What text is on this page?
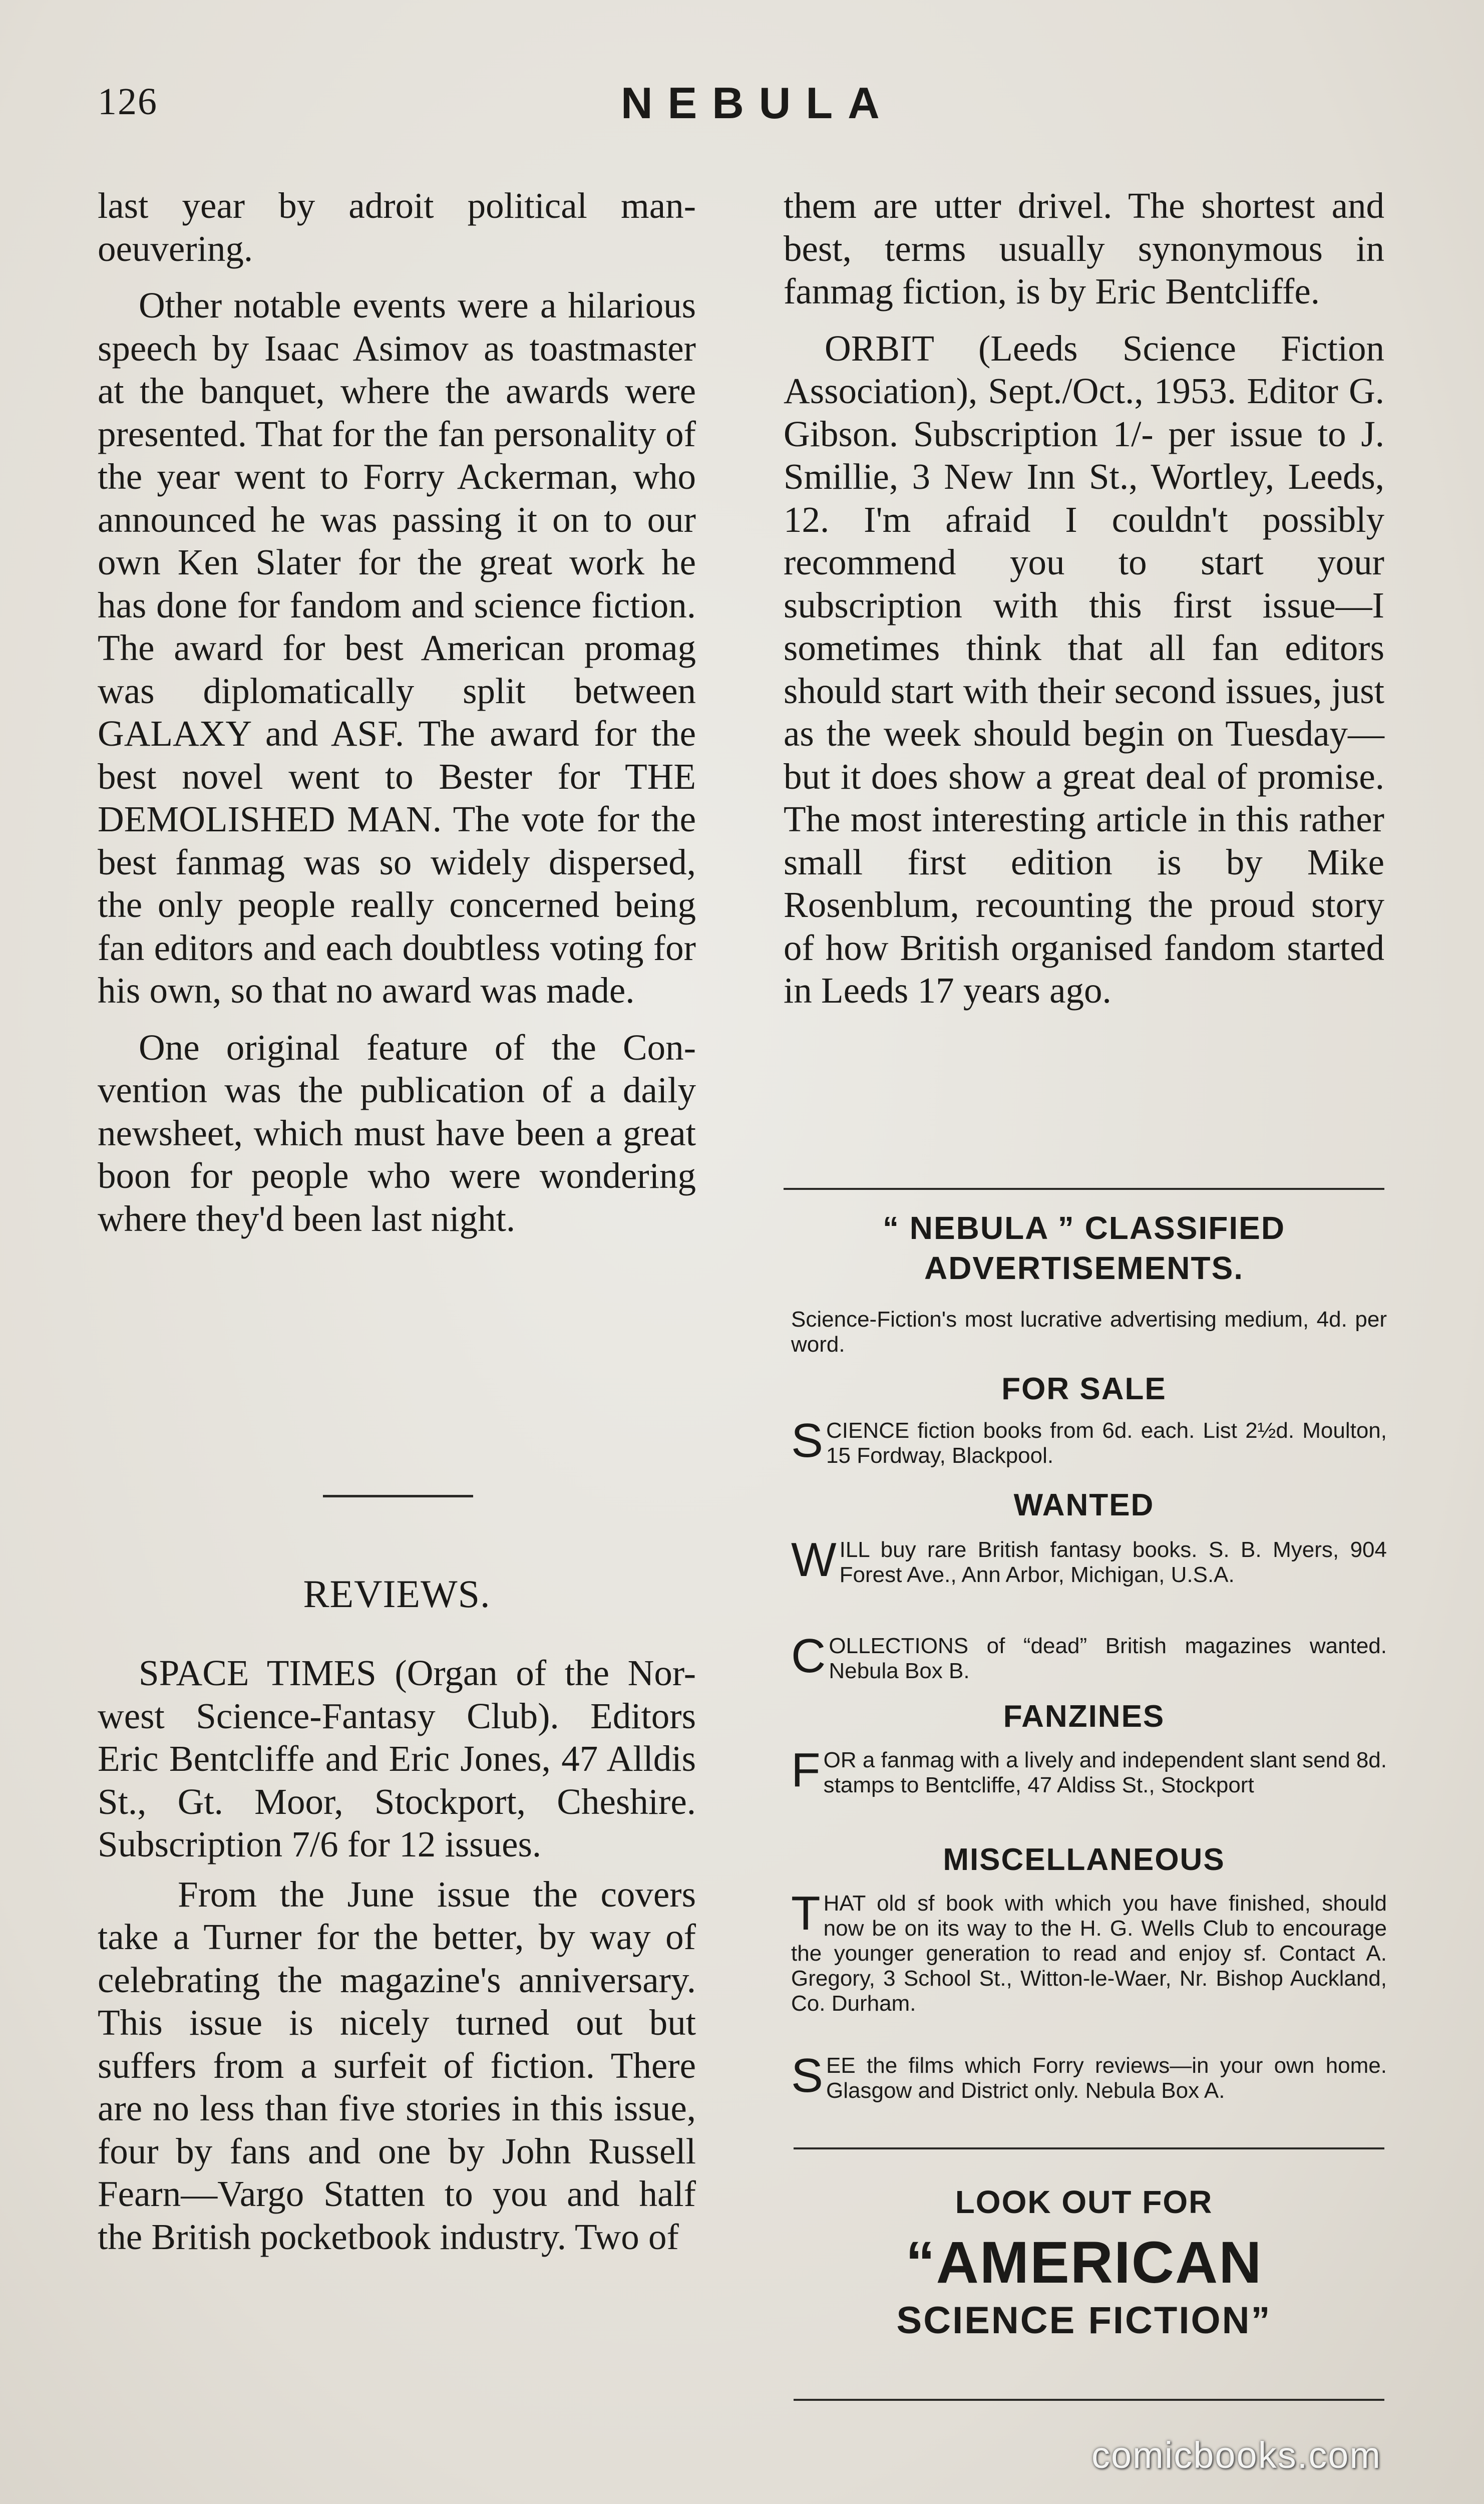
126	NEBULA

last year by adroit political manoeuvering.

Other notable events were a hilarious speech by Isaac Asimov as toastmaster at the banquet, where the awards were presented. That for the fan personality of the year went to Forry Ackerman, who announced he was passing it on to our own Ken Slater for the great work he has done for fandom and science fiction. The award for best American promag was diplomatically split between GALAXY and ASF. The award for the best novel went to Bester for THE DEMOLISHED MAN. The vote for the best fanmag was so widely dispersed, the only people really concerned being fan editors and each doubtless voting for his own, so that no award was made.

One original feature of the Convention was the publication of a daily newsheet, which must have been a great boon for people who were wondering where they'd been last night.

REVIEWS.

SPACE TIMES (Organ of the Nor-west Science-Fantasy Club). Editors Eric Bentcliffe and Eric Jones, 47 Alldis St., Gt. Moor, Stockport, Cheshire. Subscription 7/6 for 12 issues.

From the June issue the covers take a Turner for the better, by way of celebrating the magazine's anniversary. This issue is nicely turned out but suffers from a surfeit of fiction. There are no less than five stories in this issue, four by fans and one by John Russell Fearn—Vargo Statten to you and half the British pocketbook industry. Two of

them are utter drivel. The shortest and best, terms usually synonymous in fanmag fiction, is by Eric Bentcliffe.

ORBIT (Leeds Science Fiction Association), Sept./Oct., 1953. Editor G. Gibson. Subscription 1/- per issue to J. Smillie, 3 New Inn St., Wortley, Leeds, 12. I'm afraid I couldn't possibly recommend you to start your subscription with this first issue—I sometimes think that all fan editors should start with their second issues, just as the week should begin on Tuesday—but it does show a great deal of promise. The most interesting article in this rather small first edition is by Mike Rosenblum, recounting the proud story of how British organised fandom started in Leeds 17 years ago.

“ NEBULA ” CLASSIFIED
ADVERTISEMENTS.
Science-Fiction's most lucrative advertising medium, 4d. per word.
FOR SALE
SCIENCE fiction books from 6d. each. List 2½d. Moulton, 15 Fordway, Blackpool.
WANTED
WILL buy rare British fantasy books. S. B. Myers, 904 Forest Ave., Ann Arbor, Michigan, U.S.A.
COLLECTIONS of “dead” British magazines wanted. Nebula Box B.
FANZINES
FOR a fanmag with a lively and independent slant send 8d. stamps to Bentcliffe, 47 Aldiss St., Stockport
MISCELLANEOUS
THAT old sf book with which you have finished, should now be on its way to the H. G. Wells Club to encourage the younger generation to read and enjoy sf. Contact A. Gregory, 3 School St., Witton-le-Waer, Nr. Bishop Auckland, Co. Durham.
SEE the films which Forry reviews—in your own home. Glasgow and District only. Nebula Box A.
LOOK OUT FOR
“AMERICAN
SCIENCE FICTION”
comicbooks.com
